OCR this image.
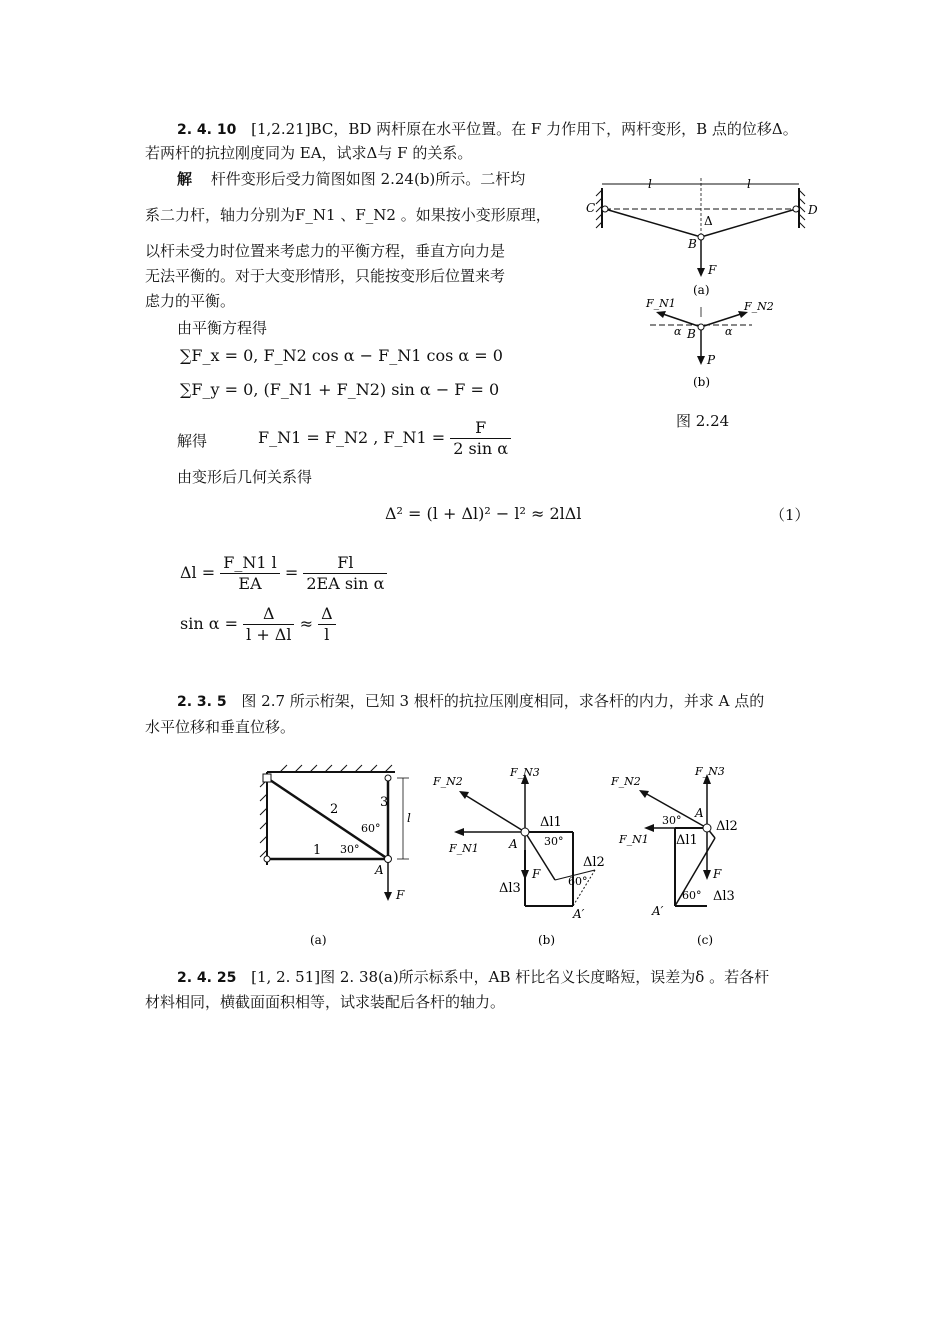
2. 4. 10 [1,2.21]BC，BD 两杆原在水平位置。在 F 力作用下，两杆变形，B 点的位移Δ。
若两杆的抗拉刚度同为 EA，试求Δ与 F 的关系。
解 杆件变形后受力简图如图 2.24(b)所示。二杆均
系二力杆，轴力分别为F_N1 、F_N2 。如果按小变形原理，
以杆未受力时位置来考虑力的平衡方程，垂直方向力是
无法平衡的。对于大变形情形，只能按变形后位置来考
虑力的平衡。
由平衡方程得
∑F_x = 0, F_N2 cos α − F_N1 cos α = 0
∑F_y = 0, (F_N1 + F_N2) sin α − F = 0
解得	F_N1 = F_N2 , F_N1 = $\frac{F}{\text{2 sin α}}$
由变形后几何关系得
Δ² = (l + Δl)² − l² ≈ 2lΔl	（1）
$\Delta l = \frac{F\_N1 l}{EA} = \frac{Fl}{\text{2EA sin α}}$
$\sin \alpha = \frac{\Delta}{l + \Delta l} \approx \frac{\Delta}{l}$
l	l
C	D
Δ
B
F
(a)
F_N1	F_N2
α	α
B
P
(b)
图 2.24
2. 3. 5 图 2.7 所示桁架，已知 3 根杆的抗拉压刚度相同，求各杆的内力，并求 A 点的
水平位移和垂直位移。
2	3
1
60°
30°
A
F
l
(a)
F_N2
F_N3
F_N1
Δl1
A 30°
Δl2
F
60°
Δl3
A′
(b)
F_N2
F_N3
F_N1
A
30°	Δl2
Δl1
F
60° Δl3
A′
(c)
2. 4. 25 [1, 2. 51]图 2. 38(a)所示标系中，AB 杆比名义长度略短，误差为δ 。若各杆
材料相同，横截面面积相等，试求装配后各杆的轴力。
